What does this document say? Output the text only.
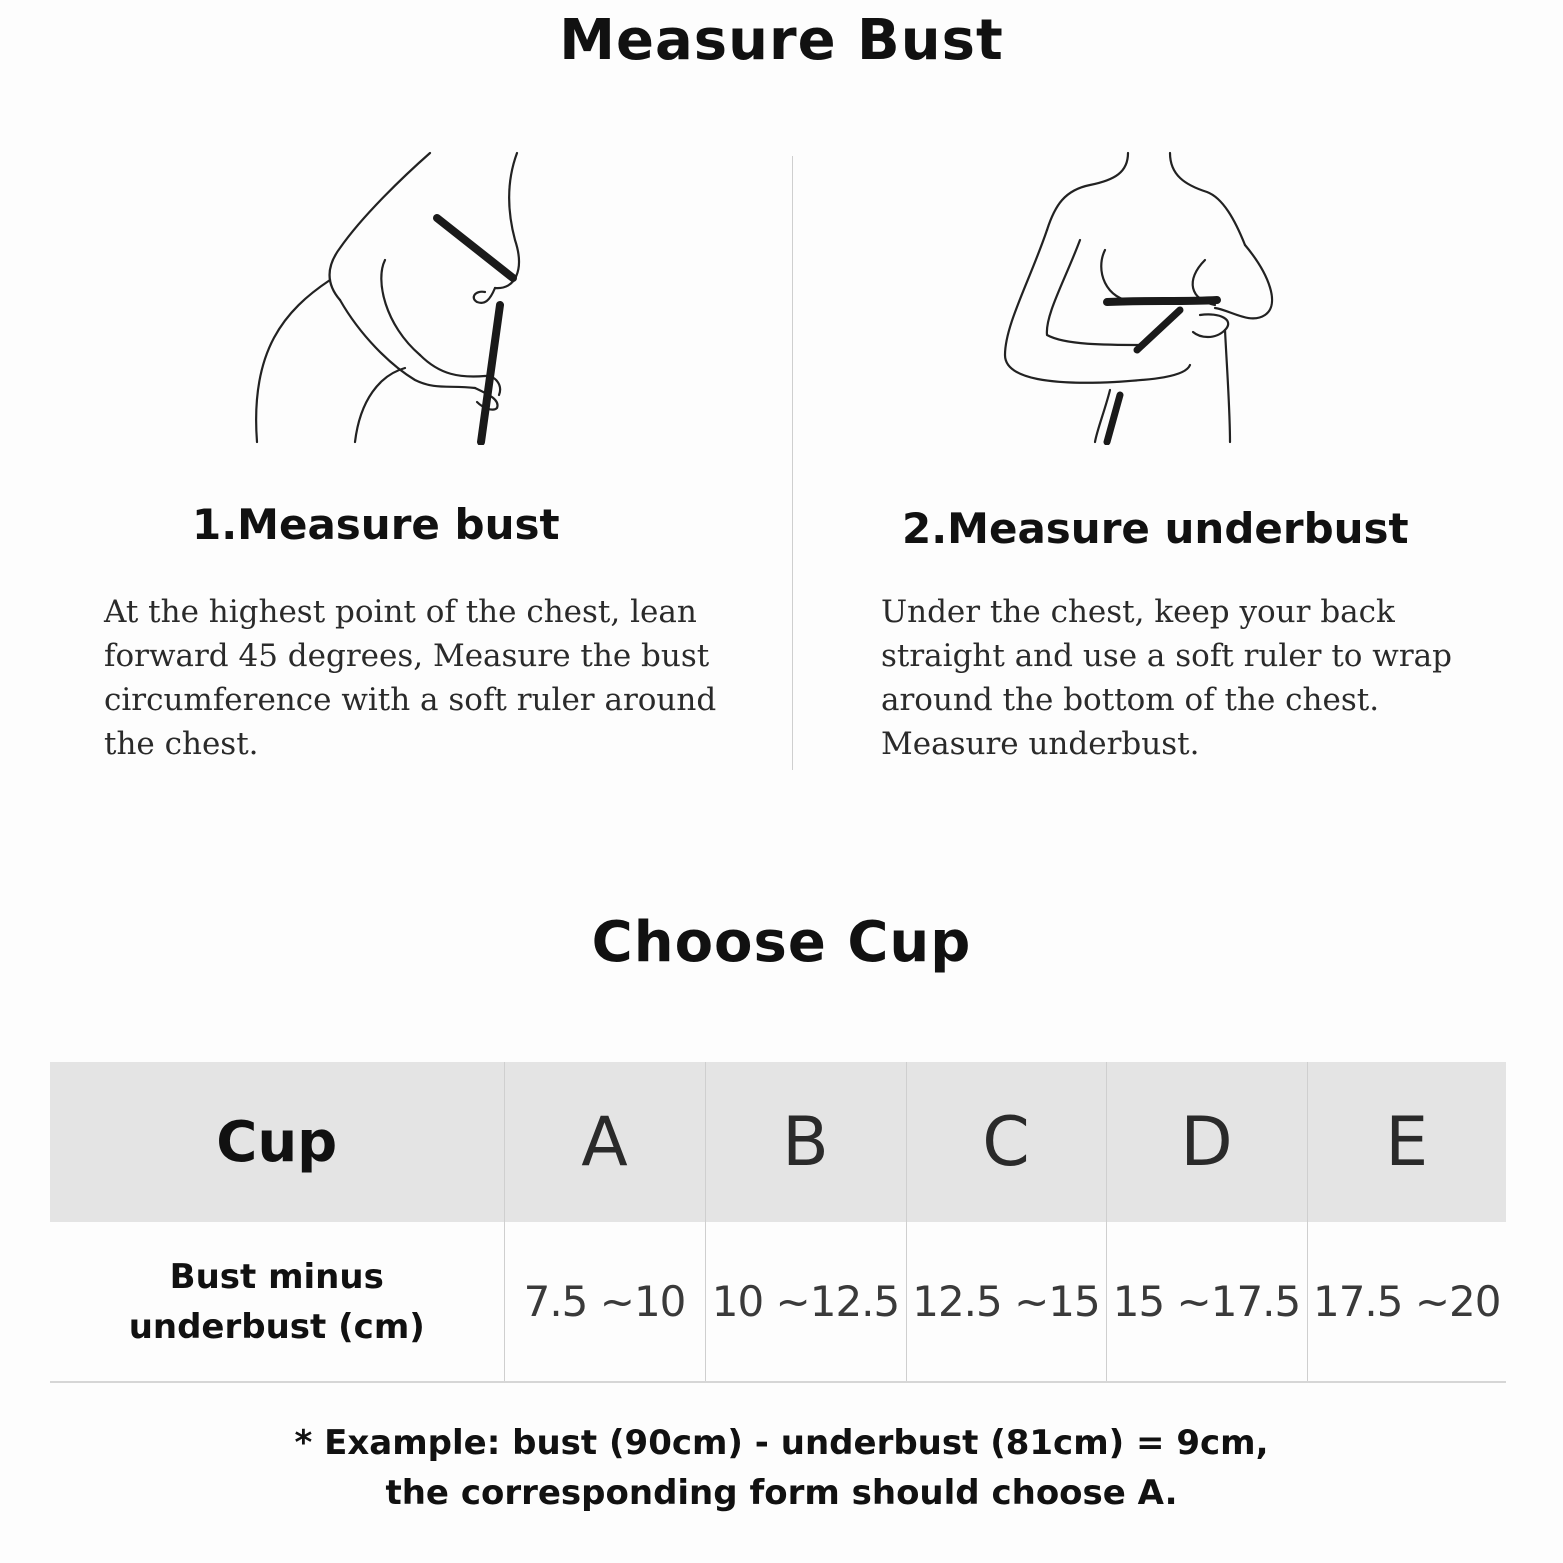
Measure Bust
1.Measure bust
At the highest point of the chest, lean forward 45 degrees, Measure the bust circumference with a soft ruler around the chest.
2.Measure underbust
Under the chest, keep your back straight and use a soft ruler to wrap around the bottom of the chest. Measure underbust.
Choose Cup
Cup	A	B	C	D	E
Bust minus underbust (cm)	7.5 ~10	10 ~12.5	12.5 ~15	15 ~17.5	17.5 ~20
* Example: bust (90cm) - underbust (81cm) = 9cm,
the corresponding form should choose A.
